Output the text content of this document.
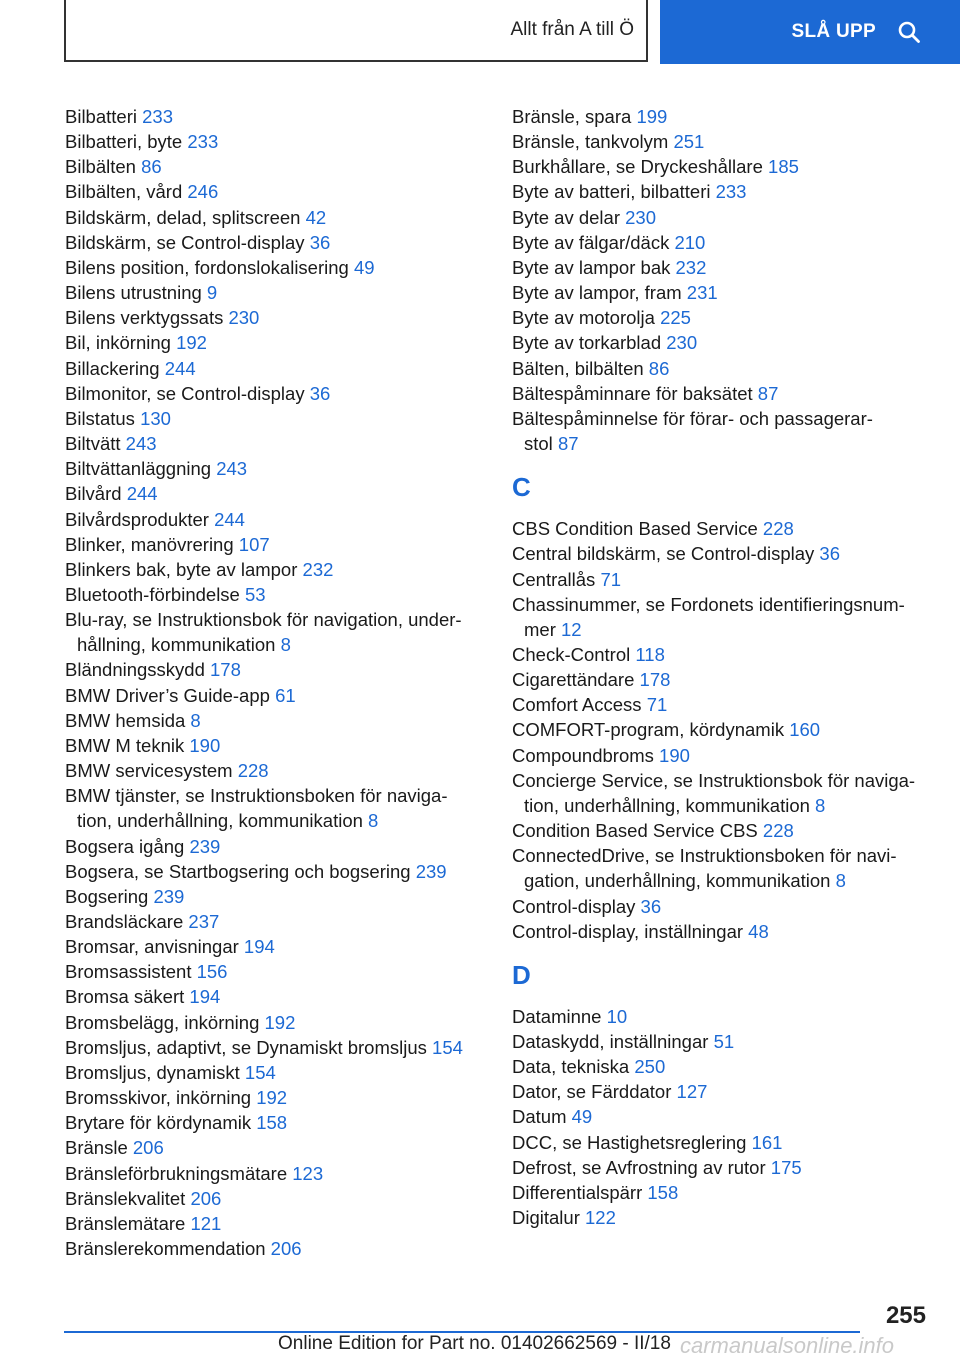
Allt från A till Ö	SLÅ UPP
Bilbatteri 233
Bilbatteri, byte 233
Bilbälten 86
Bilbälten, vård 246
Bildskärm, delad, splitscreen 42
Bildskärm, se Control-display 36
Bilens position, fordonslokalisering 49
Bilens utrustning 9
Bilens verktygssats 230
Bil, inkörning 192
Billackering 244
Bilmonitor, se Control-display 36
Bilstatus 130
Biltvätt 243
Biltvättanläggning 243
Bilvård 244
Bilvårdsprodukter 244
Blinker, manövrering 107
Blinkers bak, byte av lampor 232
Bluetooth-förbindelse 53
Blu-ray, se Instruktionsbok för navigation, under‐
hållning, kommunikation 8
Bländningsskydd 178
BMW Driver’s Guide-app 61
BMW hemsida 8
BMW M teknik 190
BMW servicesystem 228
BMW tjänster, se Instruktionsboken för naviga‐
tion, underhållning, kommunikation 8
Bogsera igång 239
Bogsera, se Startbogsering och bogsering 239
Bogsering 239
Brandsläckare 237
Bromsar, anvisningar 194
Bromsassistent 156
Bromsa säkert 194
Bromsbelägg, inkörning 192
Bromsljus, adaptivt, se Dynamiskt bromsljus 154
Bromsljus, dynamiskt 154
Bromsskivor, inkörning 192
Brytare för kördynamik 158
Bränsle 206
Bränsleförbrukningsmätare 123
Bränslekvalitet 206
Bränslemätare 121
Bränslerekommendation 206
Bränsle, spara 199
Bränsle, tankvolym 251
Burkhållare, se Dryckeshållare 185
Byte av batteri, bilbatteri 233
Byte av delar 230
Byte av fälgar/däck 210
Byte av lampor bak 232
Byte av lampor, fram 231
Byte av motorolja 225
Byte av torkarblad 230
Bälten, bilbälten 86
Bältespåminnare för baksätet 87
Bältespåminnelse för förar- och passagerar‐
stol 87
C
CBS Condition Based Service 228
Central bildskärm, se Control-display 36
Centrallås 71
Chassinummer, se Fordonets identifieringsnum‐
mer 12
Check-Control 118
Cigarettändare 178
Comfort Access 71
COMFORT-program, kördynamik 160
Compoundbroms 190
Concierge Service, se Instruktionsbok för naviga‐
tion, underhållning, kommunikation 8
Condition Based Service CBS 228
ConnectedDrive, se Instruktionsboken för navi‐
gation, underhållning, kommunikation 8
Control-display 36
Control-display, inställningar 48
D
Dataminne 10
Dataskydd, inställningar 51
Data, tekniska 250
Dator, se Färddator 127
Datum 49
DCC, se Hastighetsreglering 161
Defrost, se Avfrostning av rutor 175
Differentialspärr 158
Digitalur 122
255
Online Edition for Part no. 01402662569 - II/18 carmanualsonline.info
